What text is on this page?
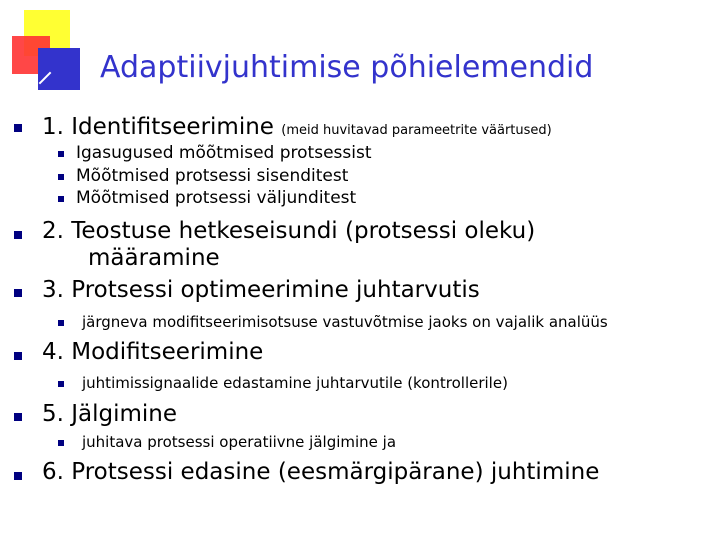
Adaptiivjuhtimise põhielemendid
1. Identifitseerimine (meid huvitavad parameetrite väärtused)
Igasugused mõõtmised protsessist
Mõõtmised protsessi sisenditest
Mõõtmised protsessi väljunditest
2. Teostuse hetkeseisundi (protsessi oleku)
määramine
3. Protsessi optimeerimine juhtarvutis
järgneva modifitseerimisotsuse vastuvõtmise jaoks on vajalik analüüs
4. Modifitseerimine
juhtimissignaalide edastamine juhtarvutile (kontrollerile)
5. Jälgimine
juhitava protsessi operatiivne jälgimine ja
6. Protsessi edasine (eesmärgipärane) juhtimine
